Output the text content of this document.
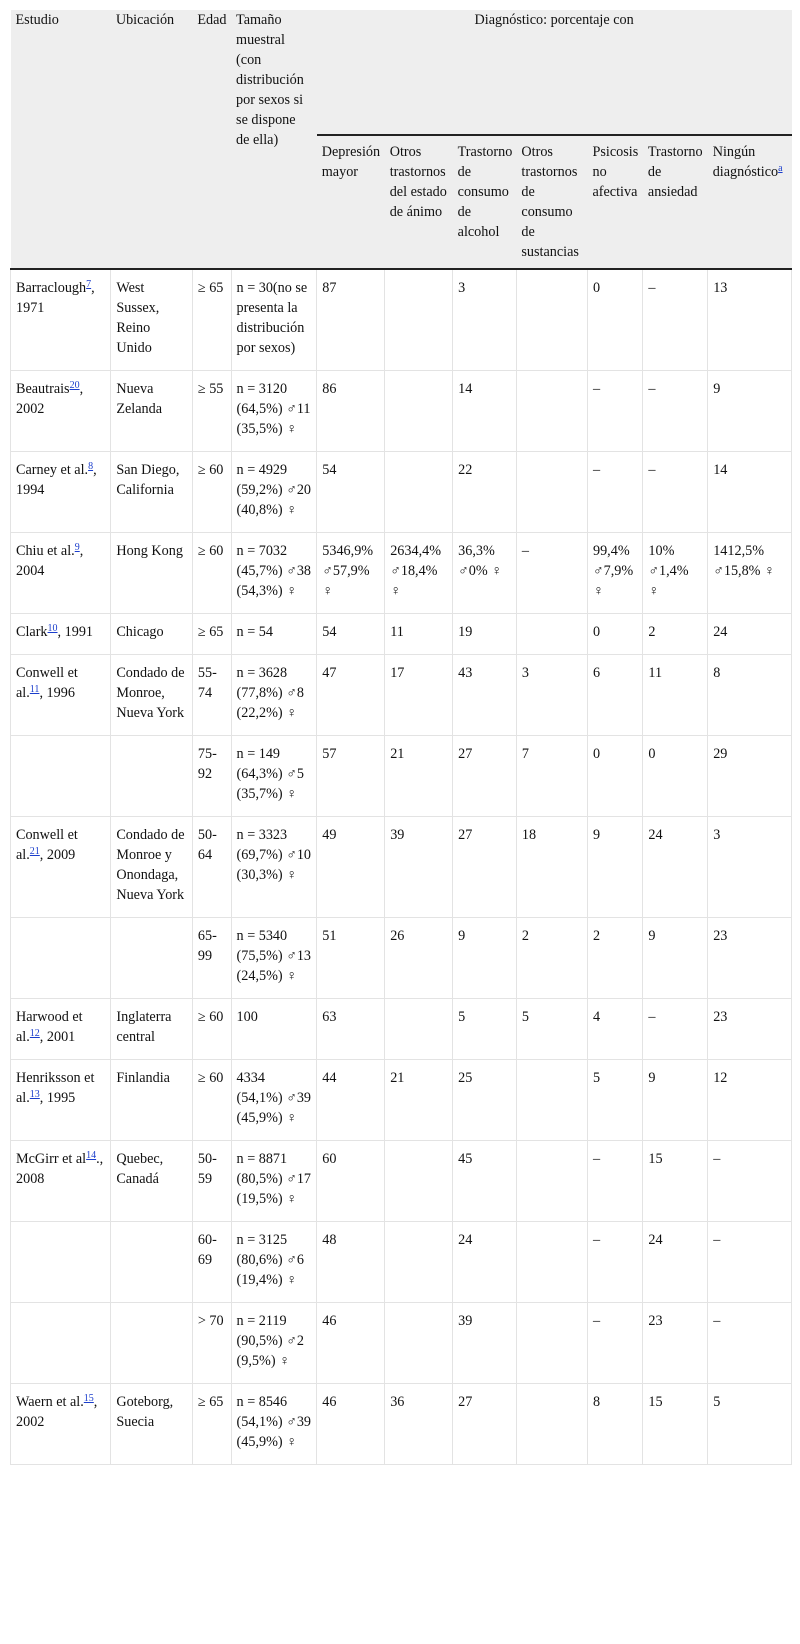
Estudio	Ubicación	Edad	Tamaño muestral (con distribución por sexos si se dispone de ella)	Diagnóstico: porcentaje con						
				Depresión mayor	Otros trastornos del estado de ánimo	Trastorno de consumo de alcohol	Otros trastornos de consumo de sustancias	Psicosis no afectiva	Trastorno de ansiedad	Ningún diagnóstico$^a$
Barraclough$^7$, 1971	West Sussex, Reino Unido	≥ 65	n = 30(no se presenta la distribución por sexos)	87		3		0	–	13
Beautrais$^{20}$, 2002	Nueva Zelanda	≥ 55	n = 3120 (64,5%) ♂11 (35,5%) ♀	86		14		–	–	9
Carney et al.$^8$, 1994	San Diego, California	≥ 60	n = 4929 (59,2%) ♂20 (40,8%) ♀	54		22		–	–	14
Chiu et al.$^9$, 2004	Hong Kong	≥ 60	n = 7032 (45,7%) ♂38 (54,3%) ♀	5346,9% ♂57,9% ♀	2634,4% ♂18,4% ♀	36,3% ♂0% ♀	–	99,4% ♂7,9% ♀	10% ♂1,4% ♀	1412,5% ♂15,8% ♀
Clark$^{10}$, 1991	Chicago	≥ 65	n = 54	54	11	19		0	2	24
Conwell et al.$^{11}$, 1996	Condado de Monroe, Nueva York	55-74	n = 3628 (77,8%) ♂8 (22,2%) ♀	47	17	43	3	6	11	8
		75-92	n = 149 (64,3%) ♂5 (35,7%) ♀	57	21	27	7	0	0	29
Conwell et al.$^{21}$, 2009	Condado de Monroe y Onondaga, Nueva York	50-64	n = 3323 (69,7%) ♂10 (30,3%) ♀	49	39	27	18	9	24	3
		65-99	n = 5340 (75,5%) ♂13 (24,5%) ♀	51	26	9	2	2	9	23
Harwood et al.$^{12}$, 2001	Inglaterra central	≥ 60	100	63		5	5	4	–	23
Henriksson et al.$^{13}$, 1995	Finlandia	≥ 60	4334 (54,1%) ♂39 (45,9%) ♀	44	21	25		5	9	12
McGirr et al$^{14}$., 2008	Quebec, Canadá	50-59	n = 8871 (80,5%) ♂17 (19,5%) ♀	60		45		–	15	–
		60-69	n = 3125 (80,6%) ♂6 (19,4%) ♀	48		24		–	24	–
		> 70	n = 2119 (90,5%) ♂2 (9,5%) ♀	46		39		–	23	–
Waern et al.$^{15}$, 2002	Goteborg, Suecia	≥ 65	n = 8546 (54,1%) ♂39 (45,9%) ♀	46	36	27		8	15	5
